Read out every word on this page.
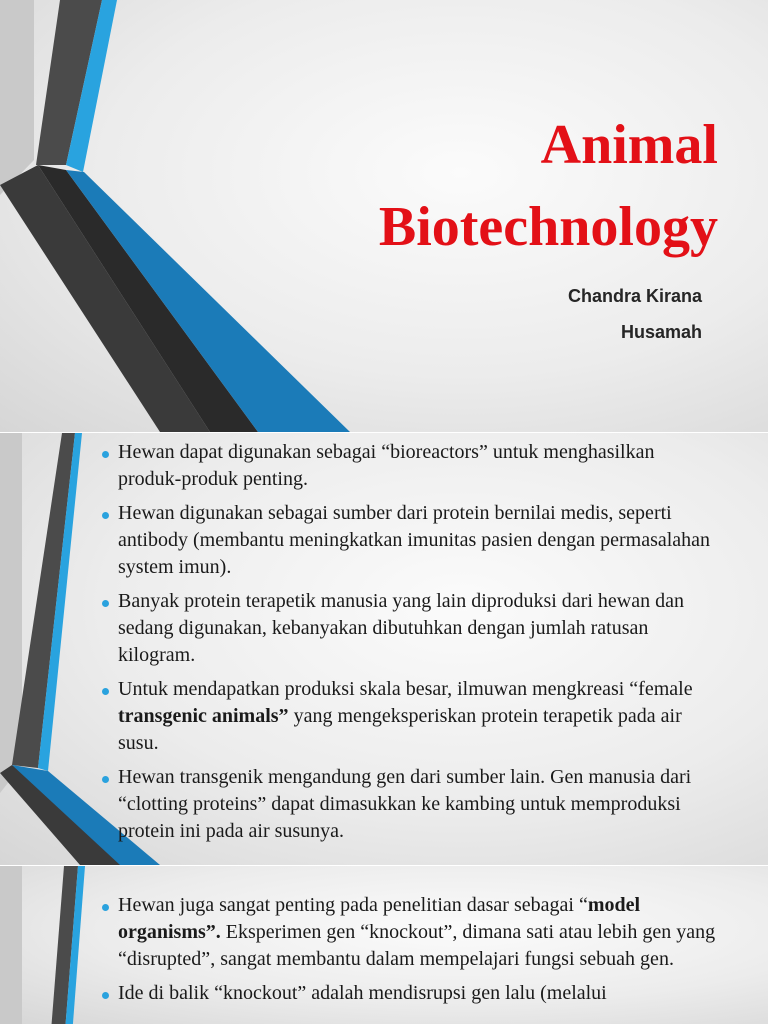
Animal
Biotechnology
Chandra Kirana
Husamah
Hewan dapat digunakan sebagai “bioreactors” untuk menghasilkan produk-produk penting.
Hewan digunakan sebagai sumber dari protein bernilai medis, seperti antibody (membantu meningkatkan imunitas pasien dengan permasalahan system imun).
Banyak protein terapetik manusia yang lain diproduksi dari hewan dan sedang digunakan, kebanyakan dibutuhkan dengan jumlah ratusan kilogram.
Untuk mendapatkan produksi skala besar, ilmuwan mengkreasi “female transgenic animals” yang mengeksperiskan protein terapetik pada air susu.
Hewan transgenik mengandung gen dari sumber lain. Gen manusia dari “clotting proteins” dapat dimasukkan ke kambing untuk memproduksi protein ini pada air susunya.
Hewan juga sangat penting pada penelitian dasar sebagai “model organisms”. Eksperimen gen “knockout”, dimana sati atau lebih gen yang “disrupted”, sangat membantu dalam mempelajari fungsi sebuah gen.
Ide di balik “knockout” adalah mendisrupsi gen lalu (melalui
